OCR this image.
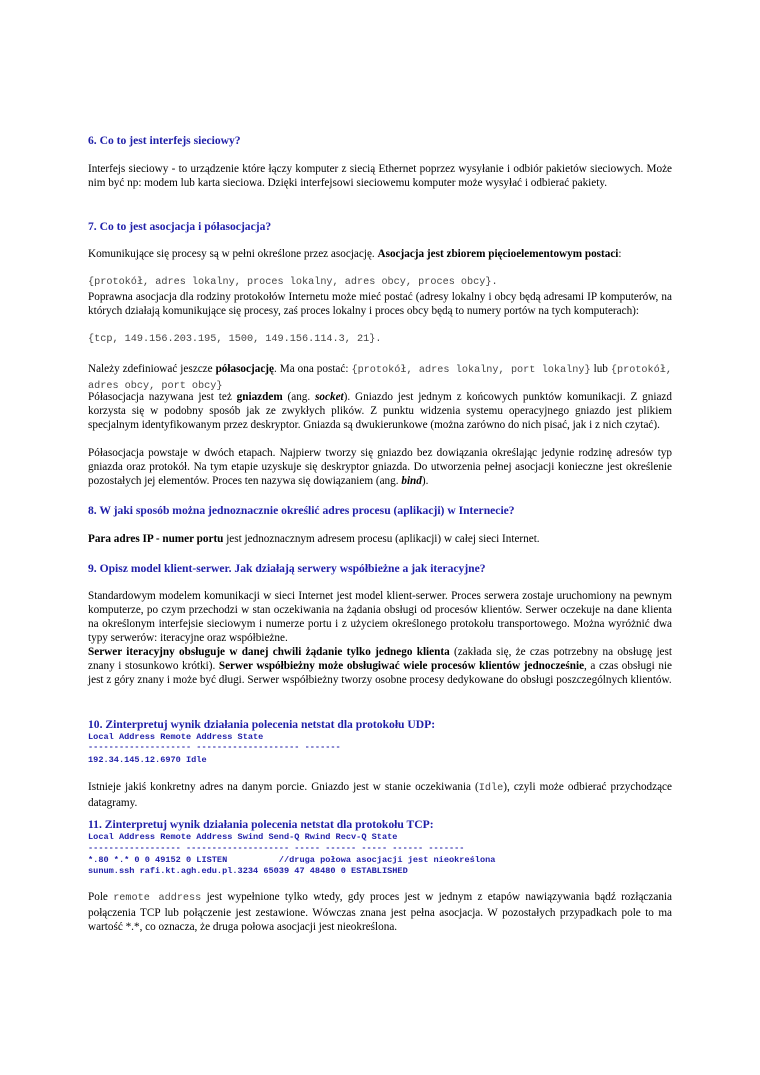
6. Co to jest interfejs sieciowy?
Interfejs sieciowy - to urządzenie które łączy komputer z siecią Ethernet poprzez wysyłanie i odbiór pakietów sieciowych. Może nim być np: modem lub karta sieciowa. Dzięki interfejsowi sieciowemu komputer może wysyłać i odbierać pakiety.
7. Co to jest asocjacja i półasocjacja?
Komunikujące się procesy są w pełni określone przez asocjację. Asocjacja jest zbiorem pięcioelementowym postaci:
{protokół, adres lokalny, proces lokalny, adres obcy, proces obcy}.
Poprawna asocjacja dla rodziny protokołów Internetu może mieć postać (adresy lokalny i obcy będą adresami IP komputerów, na których działają komunikujące się procesy, zaś proces lokalny i proces obcy będą to numery portów na tych komputerach):
{tcp, 149.156.203.195, 1500, 149.156.114.3, 21}.
Należy zdefiniować jeszcze półasocjację. Ma ona postać: {protokół, adres lokalny, port lokalny} lub {protokół, adres obcy, port obcy}
Półasocjacja nazywana jest też gniazdem (ang. socket). Gniazdo jest jednym z końcowych punktów komunikacji. Z gniazd korzysta się w podobny sposób jak ze zwykłych plików. Z punktu widzenia systemu operacyjnego gniazdo jest plikiem specjalnym identyfikowanym przez deskryptor. Gniazda są dwukierunkowe (można zarówno do nich pisać, jak i z nich czytać).
Półasocjacja powstaje w dwóch etapach. Najpierw tworzy się gniazdo bez dowiązania określając jedynie rodzinę adresów typ gniazda oraz protokół. Na tym etapie uzyskuje się deskryptor gniazda. Do utworzenia pełnej asocjacji konieczne jest określenie pozostałych jej elementów. Proces ten nazywa się dowiązaniem (ang. bind).
8. W jaki sposób można jednoznacznie określić adres procesu (aplikacji) w Internecie?
Para adres IP - numer portu jest jednoznacznym adresem procesu (aplikacji) w całej sieci Internet.
9. Opisz model klient-serwer. Jak działają serwery współbieżne a jak iteracyjne?
Standardowym modelem komunikacji w sieci Internet jest model klient-serwer. Proces serwera zostaje uruchomiony na pewnym komputerze, po czym przechodzi w stan oczekiwania na żądania obsługi od procesów klientów. Serwer oczekuje na dane klienta na określonym interfejsie sieciowym i numerze portu i z użyciem określonego protokołu transportowego. Można wyróżnić dwa typy serwerów: iteracyjne oraz współbieżne.
Serwer iteracyjny obsługuje w danej chwili żądanie tylko jednego klienta (zakłada się, że czas potrzebny na obsługę jest znany i stosunkowo krótki). Serwer współbieżny może obsługiwać wiele procesów klientów jednocześnie, a czas obsługi nie jest z góry znany i może być długi. Serwer współbieżny tworzy osobne procesy dedykowane do obsługi poszczególnych klientów.
10. Zinterpretuj wynik działania polecenia netstat dla protokołu UDP:
Local Address Remote Address State
-------------------- -------------------- -------
192.34.145.12.6970 Idle
Istnieje jakiś konkretny adres na danym porcie. Gniazdo jest w stanie oczekiwania (Idle), czyli może odbierać przychodzące datagramy.
11. Zinterpretuj wynik działania polecenia netstat dla protokołu TCP:
Local Address Remote Address Swind Send-Q Rwind Recv-Q State
------------------ -------------------- ----- ------ ----- ------ -------
*.80 *.* 0 0 49152 0 LISTEN          //druga połowa asocjacji jest nieokreślona
sunum.ssh rafi.kt.agh.edu.pl.3234 65039 47 48480 0 ESTABLISHED
Pole remote address jest wypełnione tylko wtedy, gdy proces jest w jednym z etapów nawiązywania bądź rozłączania połączenia TCP lub połączenie jest zestawione. Wówczas znana jest pełna asocjacja. W pozostałych przypadkach pole to ma wartość *.*, co oznacza, że druga połowa asocjacji jest nieokreślona.
